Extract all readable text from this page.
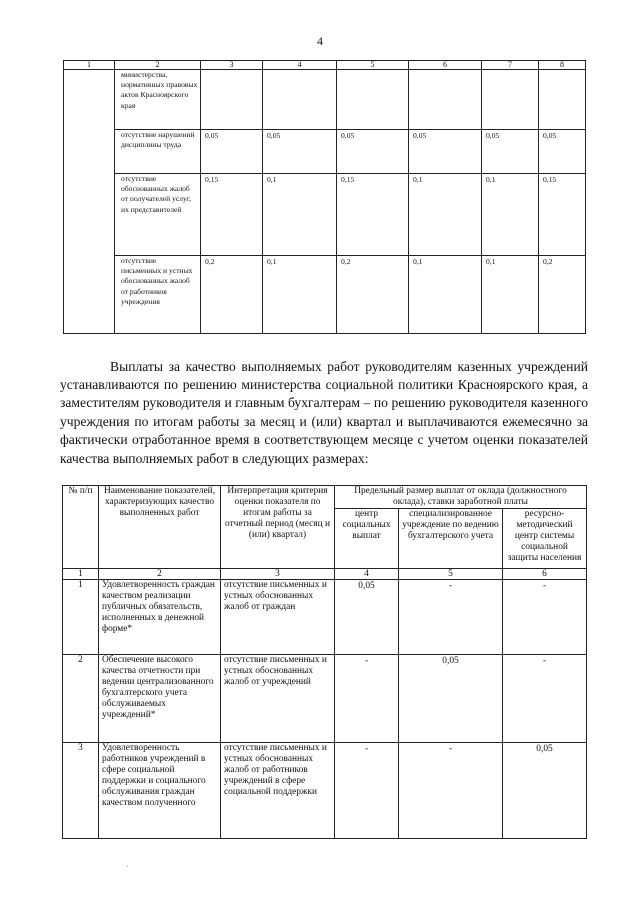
4
1	2	3	4	5	6	7	8
	министерства, нормативных правовых актов Красноярского края						
	отсутствие нарушений дисциплины труда	0,05	0,05	0,05	0,05	0,05	0,05
	отсутствие обоснованных жалоб от получателей услуг, их представителей	0,15	0,1	0,15	0,1	0,1	0,15
	отсутствие письменных и устных обоснованных жалоб от работников учреждения	0,2	0,1	0,2	0,1	0,1	0,2

Выплаты за качество выполняемых работ руководителям казенных учреждений устанавливаются по решению министерства социальной политики Красноярского края, а заместителям руководителя и главным бухгалтерам – по решению руководителя казенного учреждения по итогам работы за месяц и (или) квартал и выплачиваются ежемесячно за фактически отработанное время в соответствующем месяце с учетом оценки показателей качества выполняемых работ в следующих размерах:

№ п/п	Наименование показателей, характеризующих качество выполненных работ	Интерпретация критерия оценки показателя по итогам работы за отчетный период (месяц и (или) квартал)	Предельный размер выплат от оклада (должностного оклада), ставки заработной платы		
			центр социальных выплат	специализированное учреждение по ведению бухгалтерского учета	ресурсно-методический центр системы социальной защиты населения
1	2	3	4	5	6
1	Удовлетворенность граждан качеством реализации публичных обязательств, исполненных в денежной форме*	отсутствие письменных и устных обоснованных жалоб от граждан	0,05	-	-
2	Обеспечение высокого качества отчетности при ведении централизованного бухгалтерского учета обслуживаемых учреждений*	отсутствие письменных и устных обоснованных жалоб от учреждений	-	0,05	-
3	Удовлетворенность работников учреждений в сфере социальной поддержки и социального обслуживания граждан качеством полученного	отсутствие письменных и устных обоснованных жалоб от работников учреждений в сфере социальной поддержки	-	-	0,05
·
